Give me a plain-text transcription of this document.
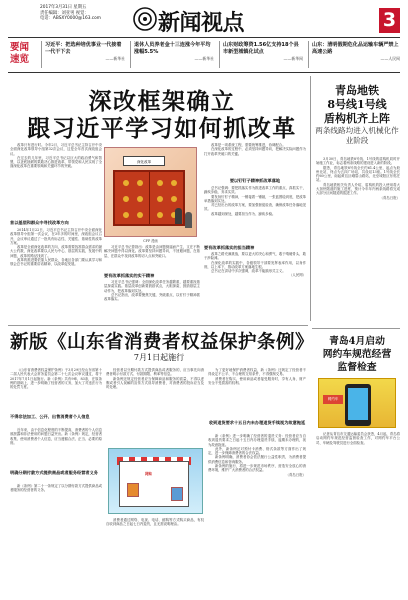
2017年3月31日 星期五
责任编辑：刘亚男 视觉：
电话：ABSXY0000@163.com	新闻视点	3
要闻速览
习近平：把选种培优事业一代接着一代干下去
——新华社
退休人员养老金十三连涨今年平均涨幅5.5%
——新华社
山东财政筹资1.56亿支持18个县市新型城镇化试点
——新华网
山东：清明假期危化品运输车辆严禁上高速公路
——人民网
深改框架确立
跟习近平学习如何抓改革

改革只有进行时。今年2月，习近平总书记主持召开中央全面深化改革领导小组第32次会议，这是全年首次深改组会议。

在过去的几年里，习近平总书记以巨大的政治勇气和智慧，以釜底抽薪的果敢决心推进改革，带领党和人民实现了全面深化改革在重要领域和关键环节的突破。

首以基层和群众中寻找改革方向

2014年1月22日，习近平总书记主持召开中央全面深化改革领导小组第一次会议，在3年多的时间里，深改组会议召开，会议审议通过了一批具有标志性、关键性、基础性的改革方案。

改革是全面深化改革的方向，改革需要找准群众需求的最大公约数，深化改革要以人民为中心，基层的实践，发展中的问题，改革的路径找到了。

改革的推进要依靠人民群众，各地区各部门要认真学习和领会总书记的重要讲话精神，以改革促发展。

深化改革
CFP 漫画

习近平总书记曾指出：改革是由问题倒逼而产生，又在不断解决问题中得以深化。改革要坚持问题导向，不回避问题，在基层、在群众中找到改革的切入点和突破口。

要有改革抓落实的实干精神

习近平总书记强调：全面深化改革任务越繁重，越要重视基层探索实践。基层改革创新要鼓励试点，大胆探索，鼓励基层主动作为，把改革落到实处。

总书记指出，改革要聚焦关键，突破重点，以钉钉子精神抓改革落实。

改革是一项系统工程，需要统筹推进，协调配合。

在深化改革的过程中，必须坚持问题导向，把解决实际问题作为打开改革突破口的关键。

要以钉钉子精神抓改革落地

总书记强调：要把抓落实作为推进改革工作的重点，真抓实干，蹄疾步稳，务求实效。

要发扬钉钉子精神，一锤接着一锤敲，一张蓝图绘到底，把改革举措落到实处。

对已经出台的改革方案，要加强督促检查，确保改革任务落地见效。

改革越到深处，越要担当作为、蹄疾步稳。

要有改革抓落实的担当精神

改革之路充满挑战，要以更大的决心和勇气，敢于啃硬骨头，敢于涉险滩。

在深化改革的实践中，各级领导干部要发挥表率作用，以身作则，以上率下，推动改革方案落地生根。

总书记在讲话中多次强调，改革不能搞形式主义。

（人民网）

青岛地铁
8号线1号线
盾构机齐上阵
两条线路均进入机械化作业阶段

3月30日，青岛地铁8号线、1号线的盾构机同时开始施工作业，标志着两条线路的建设进入新的阶段。

据悉，青岛地铁8号线全长约61.4公里，起点为胶州北站，终点为五四广场站，共设站13座。1号线全长约60公里，南起黄岛区峨眉山路站，北至城阳区东郭庄站。

青岛地铁相关负责人介绍，盾构机的投入使用将大大加快隧道的施工进度，预计今年年内两条线路将完成大部分区间隧道的掘进工作。

（青岛日报）

青岛4月启动
网约车规范经营
监督检查
网约车

记者从青岛市交通运输委员会获悉，4月起，青岛将启动网约车规范经营监督检查工作，对网约车平台公司、车辆及驾驶员进行全面检查。

新版《山东省消费者权益保护条例》
7月1日起施行

《山东省消费者权益保护条例》于3月29日经山东省第十二届人民代表大会常务委员会第二十七次会议审议通过，将于2017年7月1日起施行。新《条例》共有9章、83条，在原条例的基础上，进一步明确了经营者的义务，加大了对违法行为的处罚力度。

不得非法加工、公开、出售消费者个人信息

近年来，由于信息化程度的不断提高，消费者的个人信息被泄露和非法使用的问题日益突出。新《条例》规定，经营者收集、使用消费者个人信息，应当遵循合法、正当、必要的原则。

明确分期付款方式提供商品或者服务经营者义务

新《条例》第二十一条规定了以分期付款方式提供商品或者服务的经营者的义务。

经营者以分期付款方式提供商品或者服务的，应当事先向消费者明示付款方式、付款期限、利率等信息。

新条例还规定经营者应当保障商品和服务的质量，不得以虚假或者引人误解的宣传方式误导消费者，对消费者的投诉应当及时处理。

网购

消费者通过网络、电视、电话、邮购等方式购买商品，有权自收到商品之日起七日内退货，且无需说明理由。

为了更好地保护消费者权益，新《条例》还规定了经营者不得设定不公平、不合理的交易条件，不得强制交易。

消费者在购买、使用商品或者接受服务时，享有人身、财产安全不受损害的权利。

收到退货要求十五日内未办理退货手续视为故意拖延

新《条例》进一步明确了经营者的退货义务：经营者应当自收到退货要求之日起十五日内办理退货手续，逾期未办理的，视为故意拖延。

此外，新条例还对预付卡消费、格式条款等方面作出了规定，进一步保障消费者的合法权益。

新条例明确，消费者协会依法履行公益性职责，为消费者提供消费信息和咨询服务。

新条例的施行，将进一步规范市场秩序，营造安全放心的消费环境，维护广大消费者的合法权益。

（青岛日报）
